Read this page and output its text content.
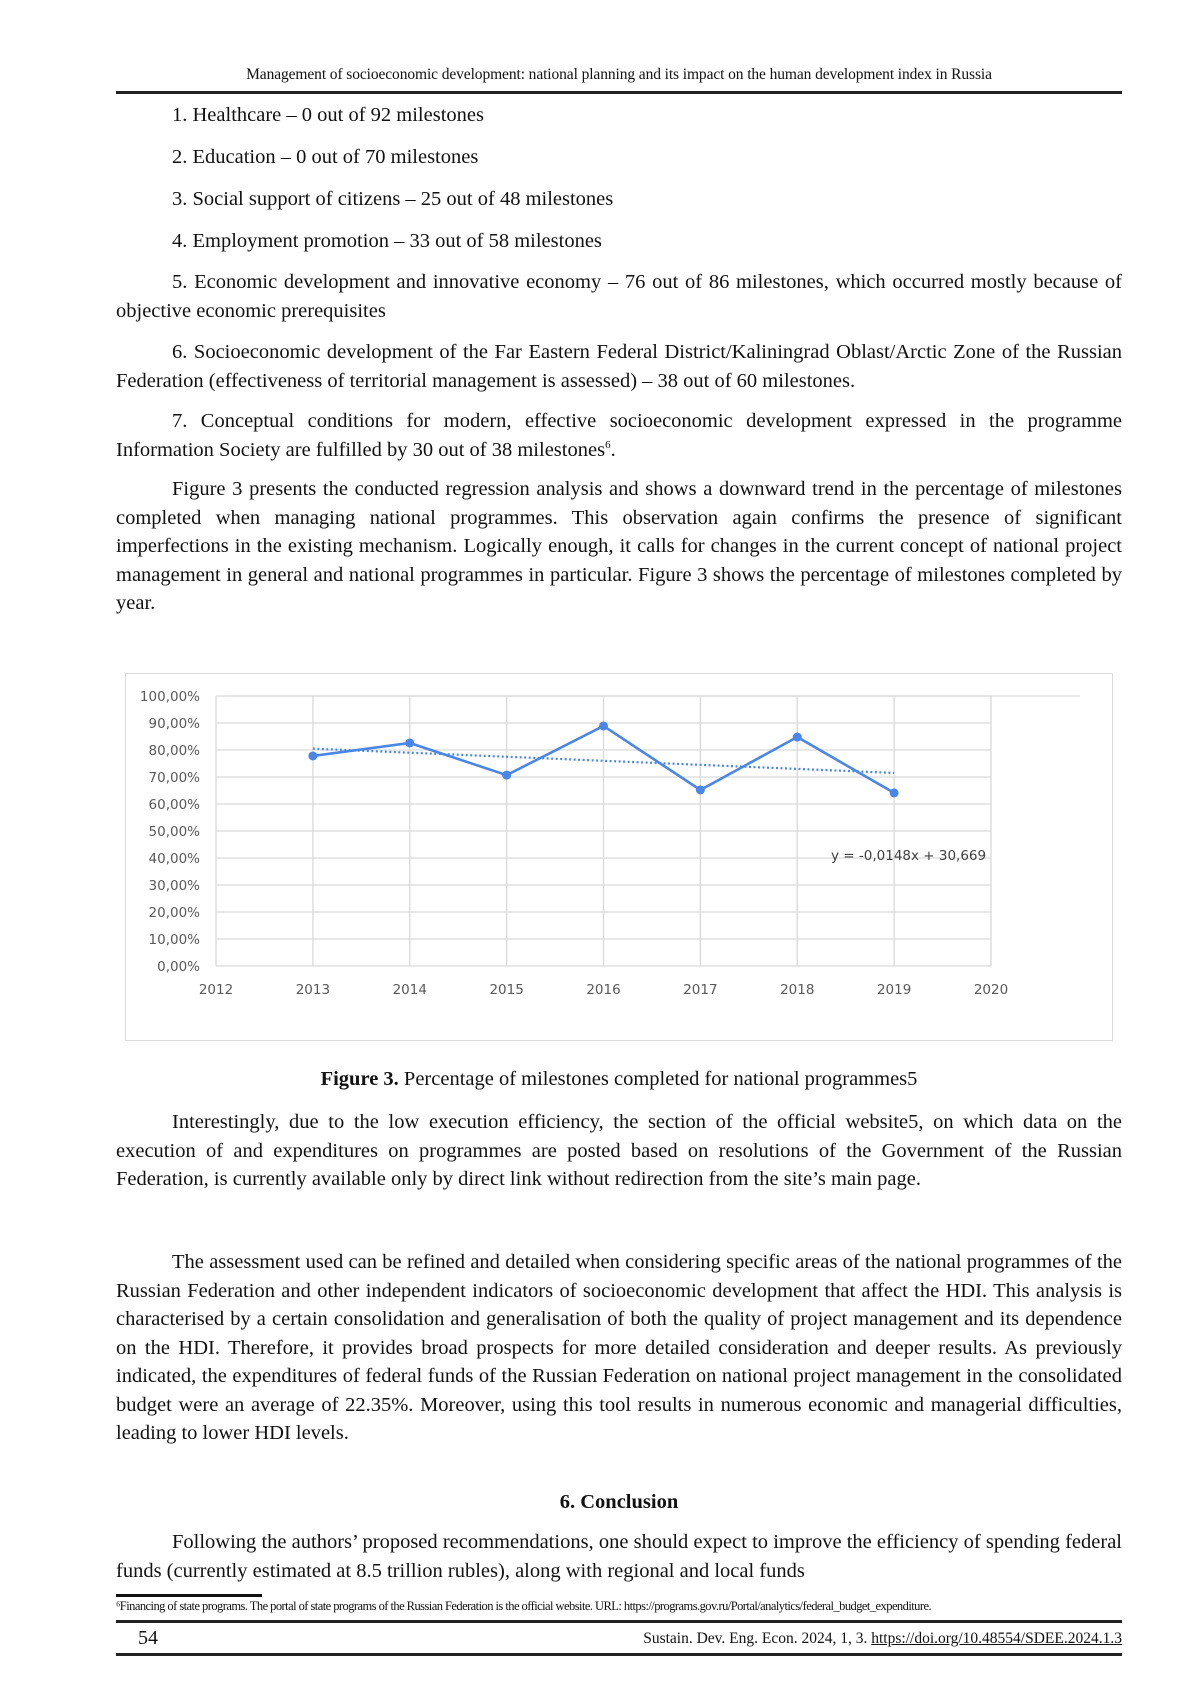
Management of socioeconomic development: national planning and its impact on the human development index in Russia

1. Healthcare – 0 out of 92 milestones

2. Education – 0 out of 70 milestones

3. Social support of citizens – 25 out of 48 milestones

4. Employment promotion – 33 out of 58 milestones

5. Economic development and innovative economy – 76 out of 86 milestones, which occurred mostly because of objective economic prerequisites

6. Socioeconomic development of the Far Eastern Federal District/Kaliningrad Oblast/Arctic Zone of the Russian Federation (effectiveness of territorial management is assessed) – 38 out of 60 milestones.

7. Conceptual conditions for modern, effective socioeconomic development expressed in the programme Information Society are fulfilled by 30 out of 38 milestones$^6$.

Figure 3 presents the conducted regression analysis and shows a downward trend in the percentage of milestones completed when managing national programmes. This observation again confirms the presence of significant imperfections in the existing mechanism. Logically enough, it calls for changes in the current concept of national project management in general and national programmes in particular. Figure 3 shows the percentage of milestones completed by year.

0,00%
10,00%
20,00%
30,00%
40,00%
50,00%
60,00%
70,00%
80,00%
90,00%
100,00%
2012	2013	2014	2015	2016	2017	2018	2019	2020
y = -0,0148x + 30,669
Figure 3. Percentage of milestones completed for national programmes5

Interestingly, due to the low execution efficiency, the section of the official website5, on which data on the execution of and expenditures on programmes are posted based on resolutions of the Government of the Russian Federation, is currently available only by direct link without redirection from the site’s main page.

The assessment used can be refined and detailed when considering specific areas of the national programmes of the Russian Federation and other independent indicators of socioeconomic development that affect the HDI. This analysis is characterised by a certain consolidation and generalisation of both the quality of project management and its dependence on the HDI. Therefore, it provides broad prospects for more detailed consideration and deeper results. As previously indicated, the expenditures of federal funds of the Russian Federation on national project management in the consolidated budget were an average of 22.35%. Moreover, using this tool results in numerous economic and managerial difficulties, leading to lower HDI levels.

6. Conclusion

Following the authors’ proposed recommendations, one should expect to improve the efficiency of spending federal funds (currently estimated at 8.5 trillion rubles), along with regional and local funds

⁶Financing of state programs. The portal of state programs of the Russian Federation is the official website. URL: https://programs.gov.ru/Portal/analytics/federal_budget_expenditure.
54	Sustain. Dev. Eng. Econ. 2024, 1, 3. https://doi.org/10.48554/SDEE.2024.1.3
